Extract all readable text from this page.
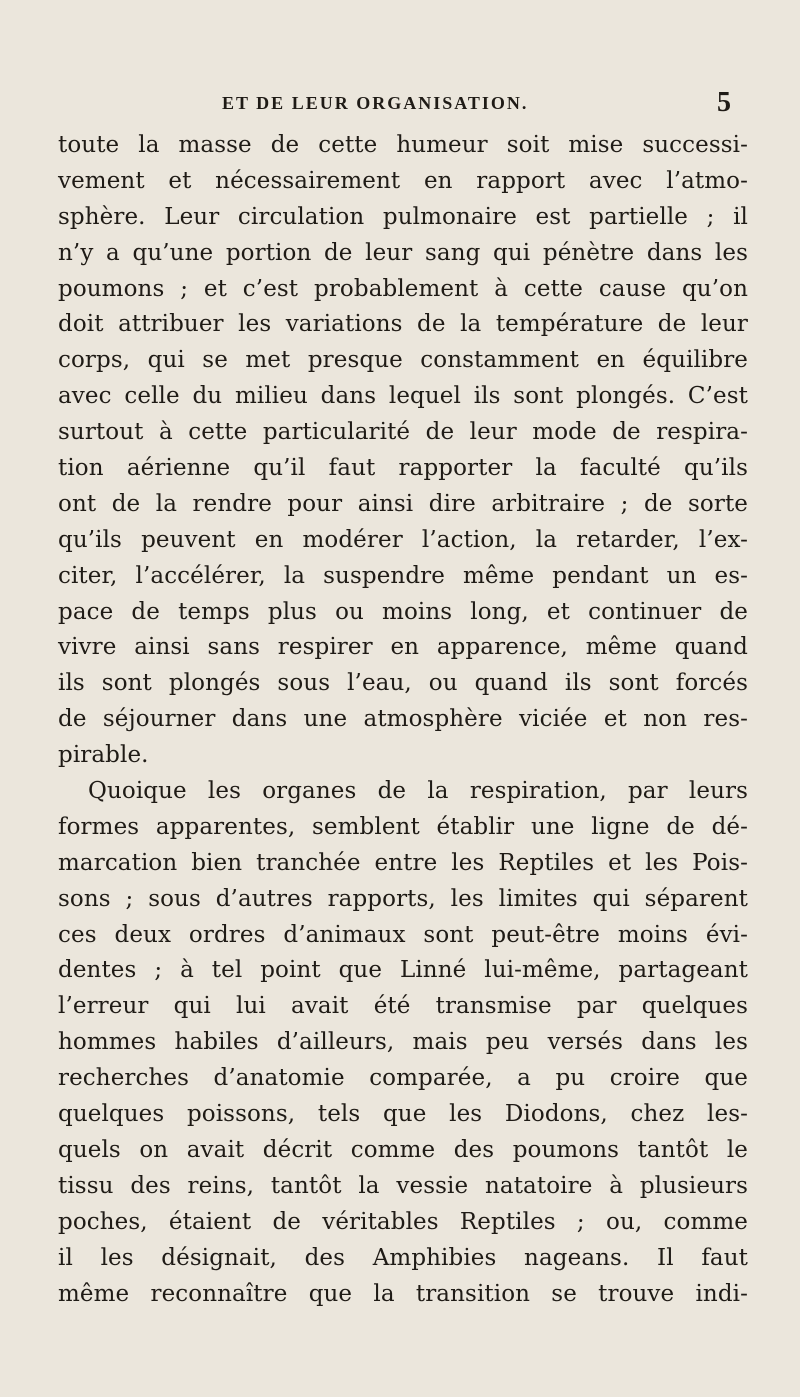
ET DE LEUR ORGANISATION.	5
toute la masse de cette humeur soit mise successi-
vement et nécessairement en rapport avec l’atmo-
sphère. Leur circulation pulmonaire est partielle ; il
n’y a qu’une portion de leur sang qui pénètre dans les
poumons ; et c’est probablement à cette cause qu’on
doit attribuer les variations de la température de leur
corps, qui se met presque constamment en équilibre
avec celle du milieu dans lequel ils sont plongés. C’est
surtout à cette particularité de leur mode de respira-
tion aérienne qu’il faut rapporter la faculté qu’ils
ont de la rendre pour ainsi dire arbitraire ; de sorte
qu’ils peuvent en modérer l’action, la retarder, l’ex-
citer, l’accélérer, la suspendre même pendant un es-
pace de temps plus ou moins long, et continuer de
vivre ainsi sans respirer en apparence, même quand
ils sont plongés sous l’eau, ou quand ils sont forcés
de séjourner dans une atmosphère viciée et non res-
pirable.
Quoique les organes de la respiration, par leurs
formes apparentes, semblent établir une ligne de dé-
marcation bien tranchée entre les Reptiles et les Pois-
sons ; sous d’autres rapports, les limites qui séparent
ces deux ordres d’animaux sont peut-être moins évi-
dentes ; à tel point que Linné lui-même, partageant
l’erreur qui lui avait été transmise par quelques
hommes habiles d’ailleurs, mais peu versés dans les
recherches d’anatomie comparée, a pu croire que
quelques poissons, tels que les Diodons, chez les-
quels on avait décrit comme des poumons tantôt le
tissu des reins, tantôt la vessie natatoire à plusieurs
poches, étaient de véritables Reptiles ; ou, comme
il les désignait, des Amphibies nageans. Il faut
même reconnaître que la transition se trouve indi-
